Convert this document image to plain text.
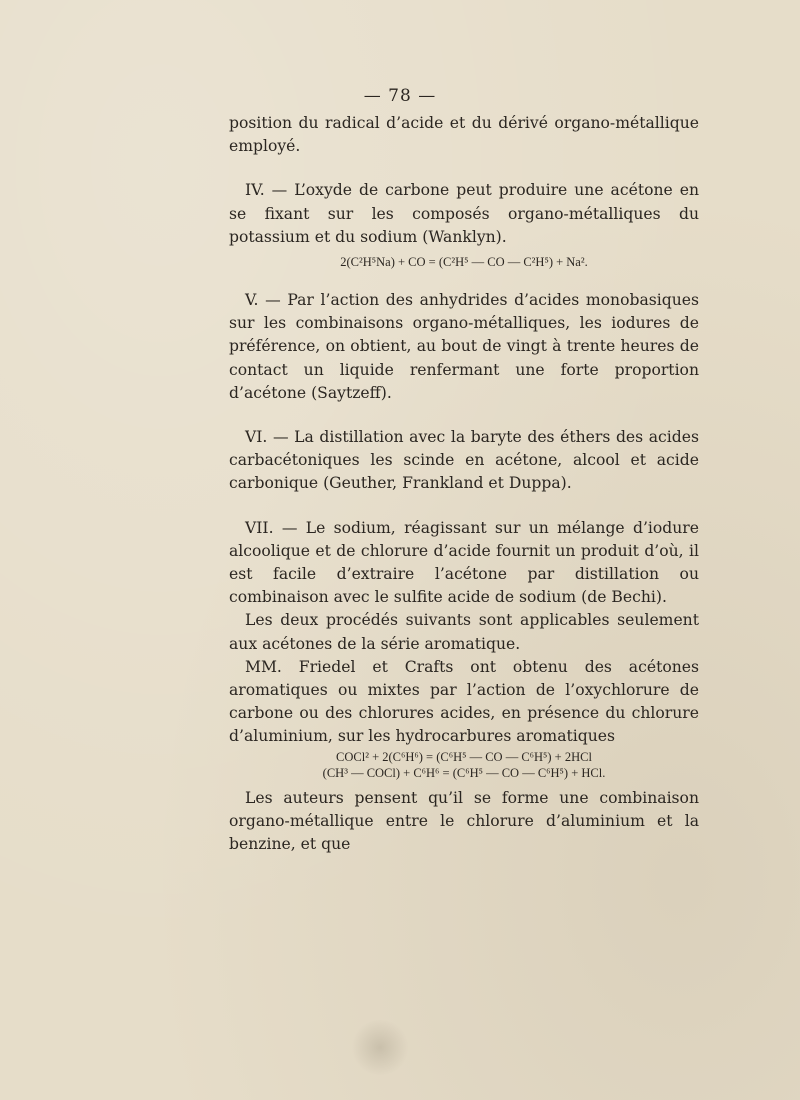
— 78 —

position du radical d’acide et du dérivé organo-métallique employé.

IV. — L’oxyde de carbone peut produire une acétone en se fixant sur les composés organo-métalliques du potassium et du sodium (Wanklyn).

2(C²H⁵Na) + CO = (C²H⁵ — CO — C²H⁵) + Na².

V. — Par l’action des anhydrides d’acides monobasiques sur les combinaisons organo-métalliques, les iodures de préférence, on obtient, au bout de vingt à trente heures de contact un liquide renfermant une forte proportion d’acétone (Saytzeff).

VI. — La distillation avec la baryte des éthers des acides carbacétoniques les scinde en acétone, alcool et acide carbonique (Geuther, Frankland et Duppa).

VII. — Le sodium, réagissant sur un mélange d’iodure alcoolique et de chlorure d’acide fournit un produit d’où, il est facile d’extraire l’acétone par distillation ou combinaison avec le sulfite acide de sodium (de Bechi).

Les deux procédés suivants sont applicables seulement aux acétones de la série aromatique.

MM. Friedel et Crafts ont obtenu des acétones aromatiques ou mixtes par l’action de l’oxychlorure de carbone ou des chlorures acides, en présence du chlorure d’aluminium, sur les hydrocarbures aromatiques

COCl² + 2(C⁶H⁶) = (C⁶H⁵ — CO — C⁶H⁵) + 2HCl
(CH³ — COCl) + C⁶H⁶ = (C⁶H⁵ — CO — C⁶H⁵) + HCl.

Les auteurs pensent qu’il se forme une combinaison organo-métallique entre le chlorure d’aluminium et la benzine, et que
